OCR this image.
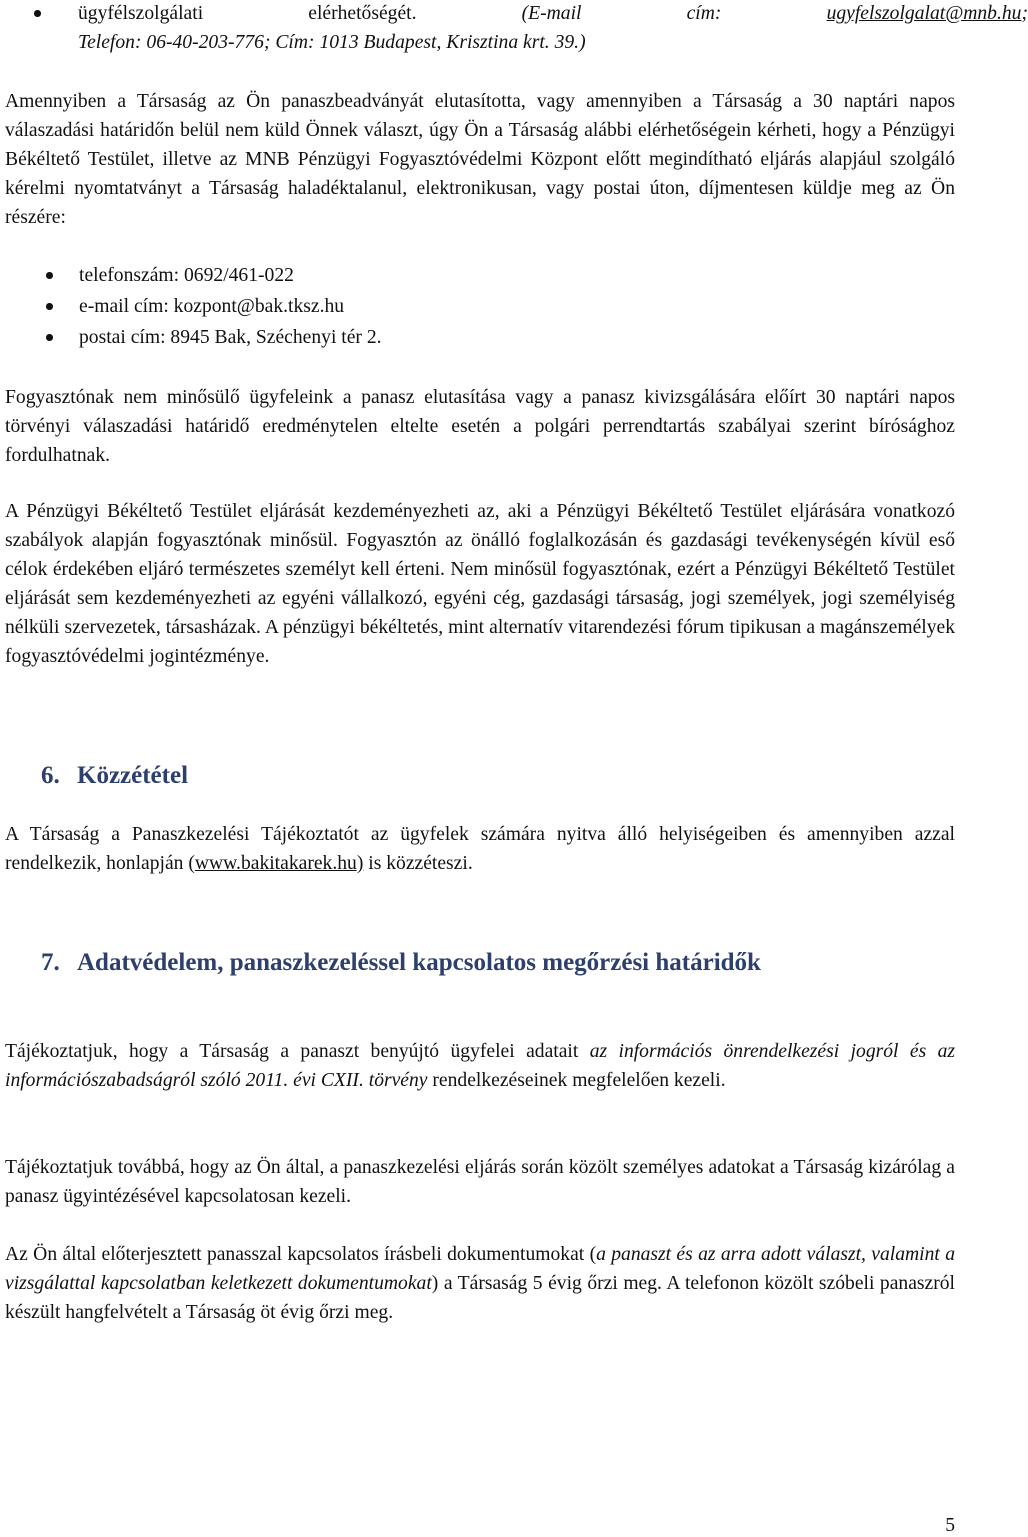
ügyfélszolgálati elérhetőségét.	(E-mail cím:	ugyfelszolgalat@mnb.hu;

Telefon: 06-40-203-776; Cím: 1013 Budapest, Krisztina krt. 39.)

Amennyiben a Társaság az Ön panaszbeadványát elutasította, vagy amennyiben a Társaság a 30 naptári napos válaszadási határidőn belül nem küld Önnek választ, úgy Ön a Társaság alábbi elérhetőségein kérheti, hogy a Pénzügyi Békéltető Testület, illetve az MNB Pénzügyi Fogyasztóvédelmi Központ előtt megindítható eljárás alapjául szolgáló kérelmi nyomtatványt a Társaság haladéktalanul, elektronikusan, vagy postai úton, díjmentesen küldje meg az Ön részére:

telefonszám: 0692/461-022
e-mail cím: kozpont@bak.tksz.hu
postai cím: 8945 Bak, Széchenyi tér 2.

Fogyasztónak nem minősülő ügyfeleink a panasz elutasítása vagy a panasz kivizsgálására előírt 30 naptári napos törvényi válaszadási határidő eredménytelen eltelte esetén a polgári perrendtartás szabályai szerint bírósághoz fordulhatnak.

A Pénzügyi Békéltető Testület eljárását kezdeményezheti az, aki a Pénzügyi Békéltető Testület eljárására vonatkozó szabályok alapján fogyasztónak minősül. Fogyasztón az önálló foglalkozásán és gazdasági tevékenységén kívül eső célok érdekében eljáró természetes személyt kell érteni. Nem minősül fogyasztónak, ezért a Pénzügyi Békéltető Testület eljárását sem kezdeményezheti az egyéni vállalkozó, egyéni cég, gazdasági társaság, jogi személyek, jogi személyiség nélküli szervezetek, társasházak. A pénzügyi békéltetés, mint alternatív vitarendezési fórum tipikusan a magánszemélyek fogyasztóvédelmi jogintézménye.

6. Közzététel

A Társaság a Panaszkezelési Tájékoztatót az ügyfelek számára nyitva álló helyiségeiben és amennyiben azzal rendelkezik, honlapján (www.bakitakarek.hu) is közzéteszi.

7. Adatvédelem, panaszkezeléssel kapcsolatos megőrzési határidők

Tájékoztatjuk, hogy a Társaság a panaszt benyújtó ügyfelei adatait az információs önrendelkezési jogról és az információszabadságról szóló 2011. évi CXII. törvény rendelkezéseinek megfelelően kezeli.

Tájékoztatjuk továbbá, hogy az Ön által, a panaszkezelési eljárás során közölt személyes adatokat a Társaság kizárólag a panasz ügyintézésével kapcsolatosan kezeli.

Az Ön által előterjesztett panasszal kapcsolatos írásbeli dokumentumokat (a panaszt és az arra adott választ, valamint a vizsgálattal kapcsolatban keletkezett dokumentumokat) a Társaság 5 évig őrzi meg. A telefonon közölt szóbeli panaszról készült hangfelvételt a Társaság öt évig őrzi meg.

5
